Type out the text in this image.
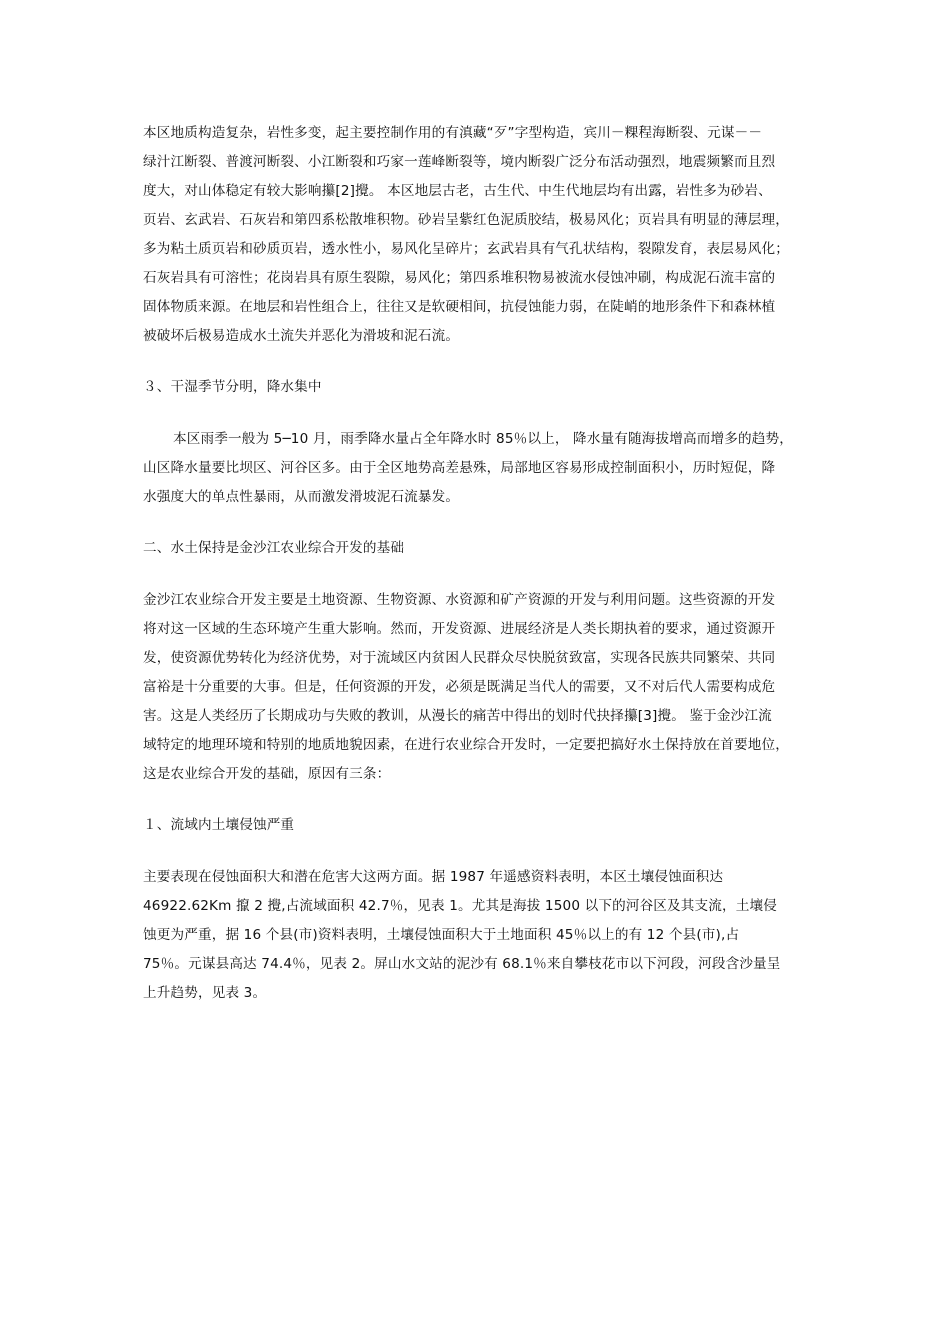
本区地质构造复杂，岩性多变，起主要控制作用的有滇藏“歹”字型构造，宾川－粿程海断裂、元谋－－
绿汁江断裂、普渡河断裂、小江断裂和巧家一莲峰断裂等，境内断裂广泛分布活动强烈，地震频繁而且烈
度大，对山体稳定有较大影响攥[2]攪。 本区地层古老，古生代、中生代地层均有出露，岩性多为砂岩、
页岩、玄武岩、石灰岩和第四系松散堆积物。砂岩呈紫红色泥质胶结，极易风化；页岩具有明显的薄层理，
多为粘土质页岩和砂质页岩，透水性小，易风化呈碎片；玄武岩具有气孔状结构，裂隙发育，表层易风化；
石灰岩具有可溶性；花岗岩具有原生裂隙，易风化；第四系堆积物易被流水侵蚀冲刷，构成泥石流丰富的
固体物质来源。在地层和岩性组合上，往往又是软硬相间，抗侵蚀能力弱，在陡峭的地形条件下和森林植
被破坏后极易造成水土流失并恶化为滑坡和泥石流。
３、干湿季节分明，降水集中
本区雨季一般为 5─10 月，雨季降水量占全年降水时 85％以上， 降水量有随海拔增高而增多的趋势，
山区降水量要比坝区、河谷区多。由于全区地势高差悬殊，局部地区容易形成控制面积小，历时短促，降
水强度大的单点性暴雨，从而激发滑坡泥石流暴发。
二、水土保持是金沙江农业综合开发的基础
金沙江农业综合开发主要是土地资源、生物资源、水资源和矿产资源的开发与利用问题。这些资源的开发
将对这一区域的生态环境产生重大影响。然而，开发资源、进展经济是人类长期执着的要求，通过资源开
发，使资源优势转化为经济优势，对于流域区内贫困人民群众尽快脱贫致富，实现各民族共同繁荣、共同
富裕是十分重要的大事。但是，任何资源的开发，必须是既满足当代人的需要，又不对后代人需要构成危
害。这是人类经历了长期成功与失败的教训，从漫长的痛苦中得出的划时代抉择攥[3]攪。 鉴于金沙江流
域特定的地理环境和特别的地质地貌因素，在进行农业综合开发时，一定要把搞好水土保持放在首要地位，
这是农业综合开发的基础，原因有三条：
１、流域内土壤侵蚀严重
主要表现在侵蚀面积大和潜在危害大这两方面。据 1987 年遥感资料表明，本区土壤侵蚀面积达
46922.62Km 攛 2 攪,占流域面积 42.7％，见表 1。尤其是海拔 1500 以下的河谷区及其支流，土壤侵
蚀更为严重，据 16 个县(市)资料表明，土壤侵蚀面积大于土地面积 45％以上的有 12 个县(市),占
75％。元谋县高达 74.4％，见表 2。屏山水文站的泥沙有 68.1％来自攀枝花市以下河段，河段含沙量呈
上升趋势，见表 3。
